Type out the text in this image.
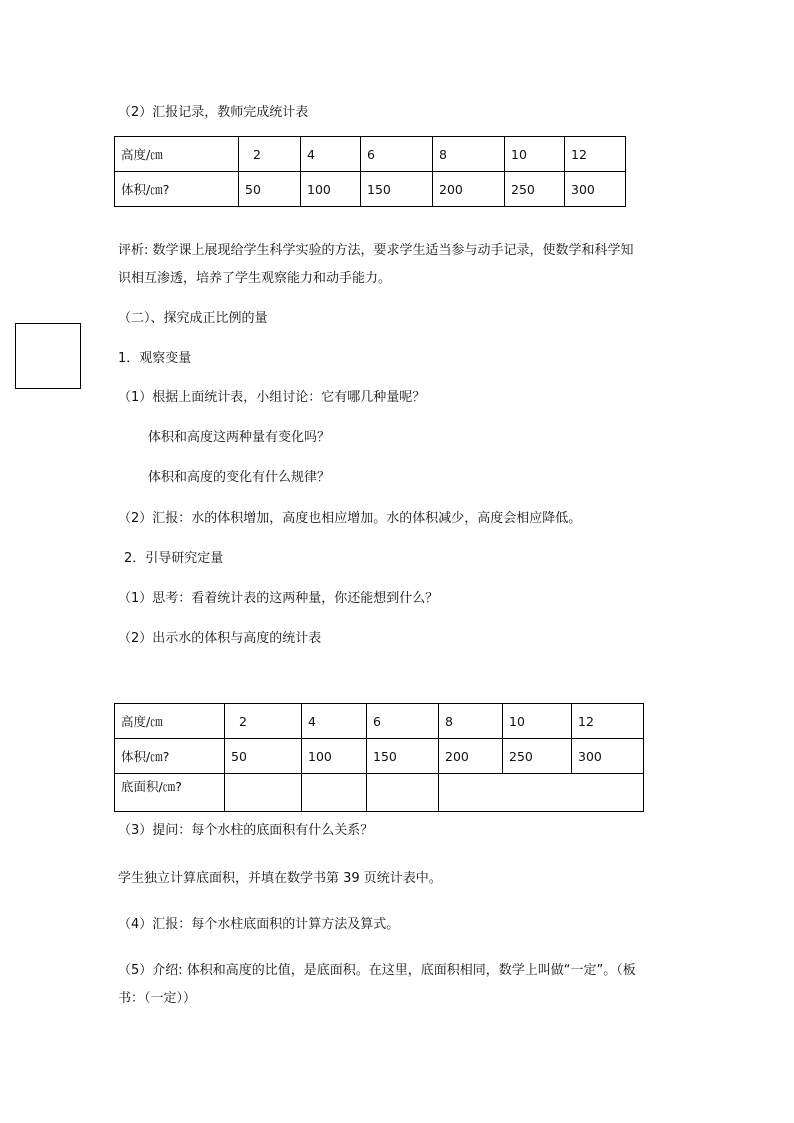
（2）汇报记录，教师完成统计表
高度/㎝	2	4	6	8	10	12
体积/㎝?	50	100	150	200	250	300
评析: 数学课上展现给学生科学实验的方法，要求学生适当参与动手记录，使数学和科学知
识相互渗透，培养了学生观察能力和动手能力。
（二）、探究成正比例的量
1．观察变量
（1）根据上面统计表，小组讨论：它有哪几种量呢？
体积和高度这两种量有变化吗？
体积和高度的变化有什么规律？
（2）汇报：水的体积增加，高度也相应增加。水的体积减少，高度会相应降低。
2．引导研究定量
（1）思考：看着统计表的这两种量，你还能想到什么？
（2）出示水的体积与高度的统计表
高度/㎝	2	4	6	8	10	12
体积/㎝?	50	100	150	200	250	300
底面积/㎝?						
（3）提问：每个水柱的底面积有什么关系？
学生独立计算底面积，并填在数学书第 39 页统计表中。
（4）汇报：每个水柱底面积的计算方法及算式。
（5）介绍: 体积和高度的比值，是底面积。在这里，底面积相同，数学上叫做“一定”。（板
书：（一定））
